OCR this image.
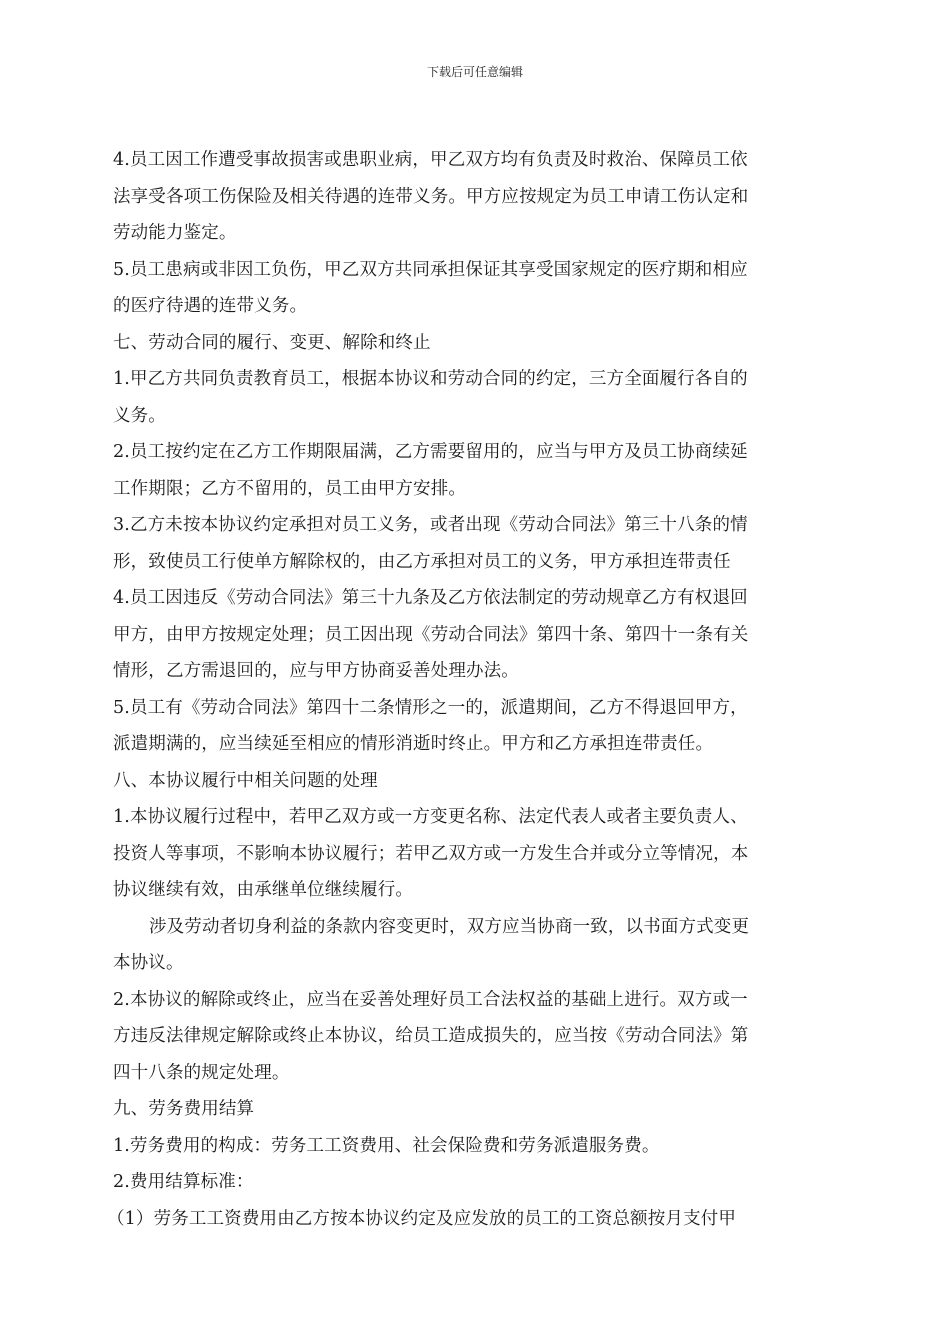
下载后可任意编辑
4.员工因工作遭受事故损害或患职业病，甲乙双方均有负责及时救治、保障员工依
法享受各项工伤保险及相关待遇的连带义务。甲方应按规定为员工申请工伤认定和
劳动能力鉴定。
5.员工患病或非因工负伤，甲乙双方共同承担保证其享受国家规定的医疗期和相应
的医疗待遇的连带义务。
七、劳动合同的履行、变更、解除和终止
1.甲乙方共同负责教育员工，根据本协议和劳动合同的约定，三方全面履行各自的
义务。
2.员工按约定在乙方工作期限届满，乙方需要留用的，应当与甲方及员工协商续延
工作期限；乙方不留用的，员工由甲方安排。
3.乙方未按本协议约定承担对员工义务，或者出现《劳动合同法》第三十八条的情
形，致使员工行使单方解除权的，由乙方承担对员工的义务，甲方承担连带责任
4.员工因违反《劳动合同法》第三十九条及乙方依法制定的劳动规章乙方有权退回
甲方，由甲方按规定处理；员工因出现《劳动合同法》第四十条、第四十一条有关
情形，乙方需退回的，应与甲方协商妥善处理办法。
5.员工有《劳动合同法》第四十二条情形之一的，派遣期间，乙方不得退回甲方，
派遣期满的，应当续延至相应的情形消逝时终止。甲方和乙方承担连带责任。
八、本协议履行中相关问题的处理
1.本协议履行过程中，若甲乙双方或一方变更名称、法定代表人或者主要负责人、
投资人等事项，不影响本协议履行；若甲乙双方或一方发生合并或分立等情况，本
协议继续有效，由承继单位继续履行。
涉及劳动者切身利益的条款内容变更时，双方应当协商一致，以书面方式变更
本协议。
2.本协议的解除或终止，应当在妥善处理好员工合法权益的基础上进行。双方或一
方违反法律规定解除或终止本协议，给员工造成损失的，应当按《劳动合同法》第
四十八条的规定处理。
九、劳务费用结算
1.劳务费用的构成：劳务工工资费用、社会保险费和劳务派遣服务费。
2.费用结算标准：
（1）劳务工工资费用由乙方按本协议约定及应发放的员工的工资总额按月支付甲
